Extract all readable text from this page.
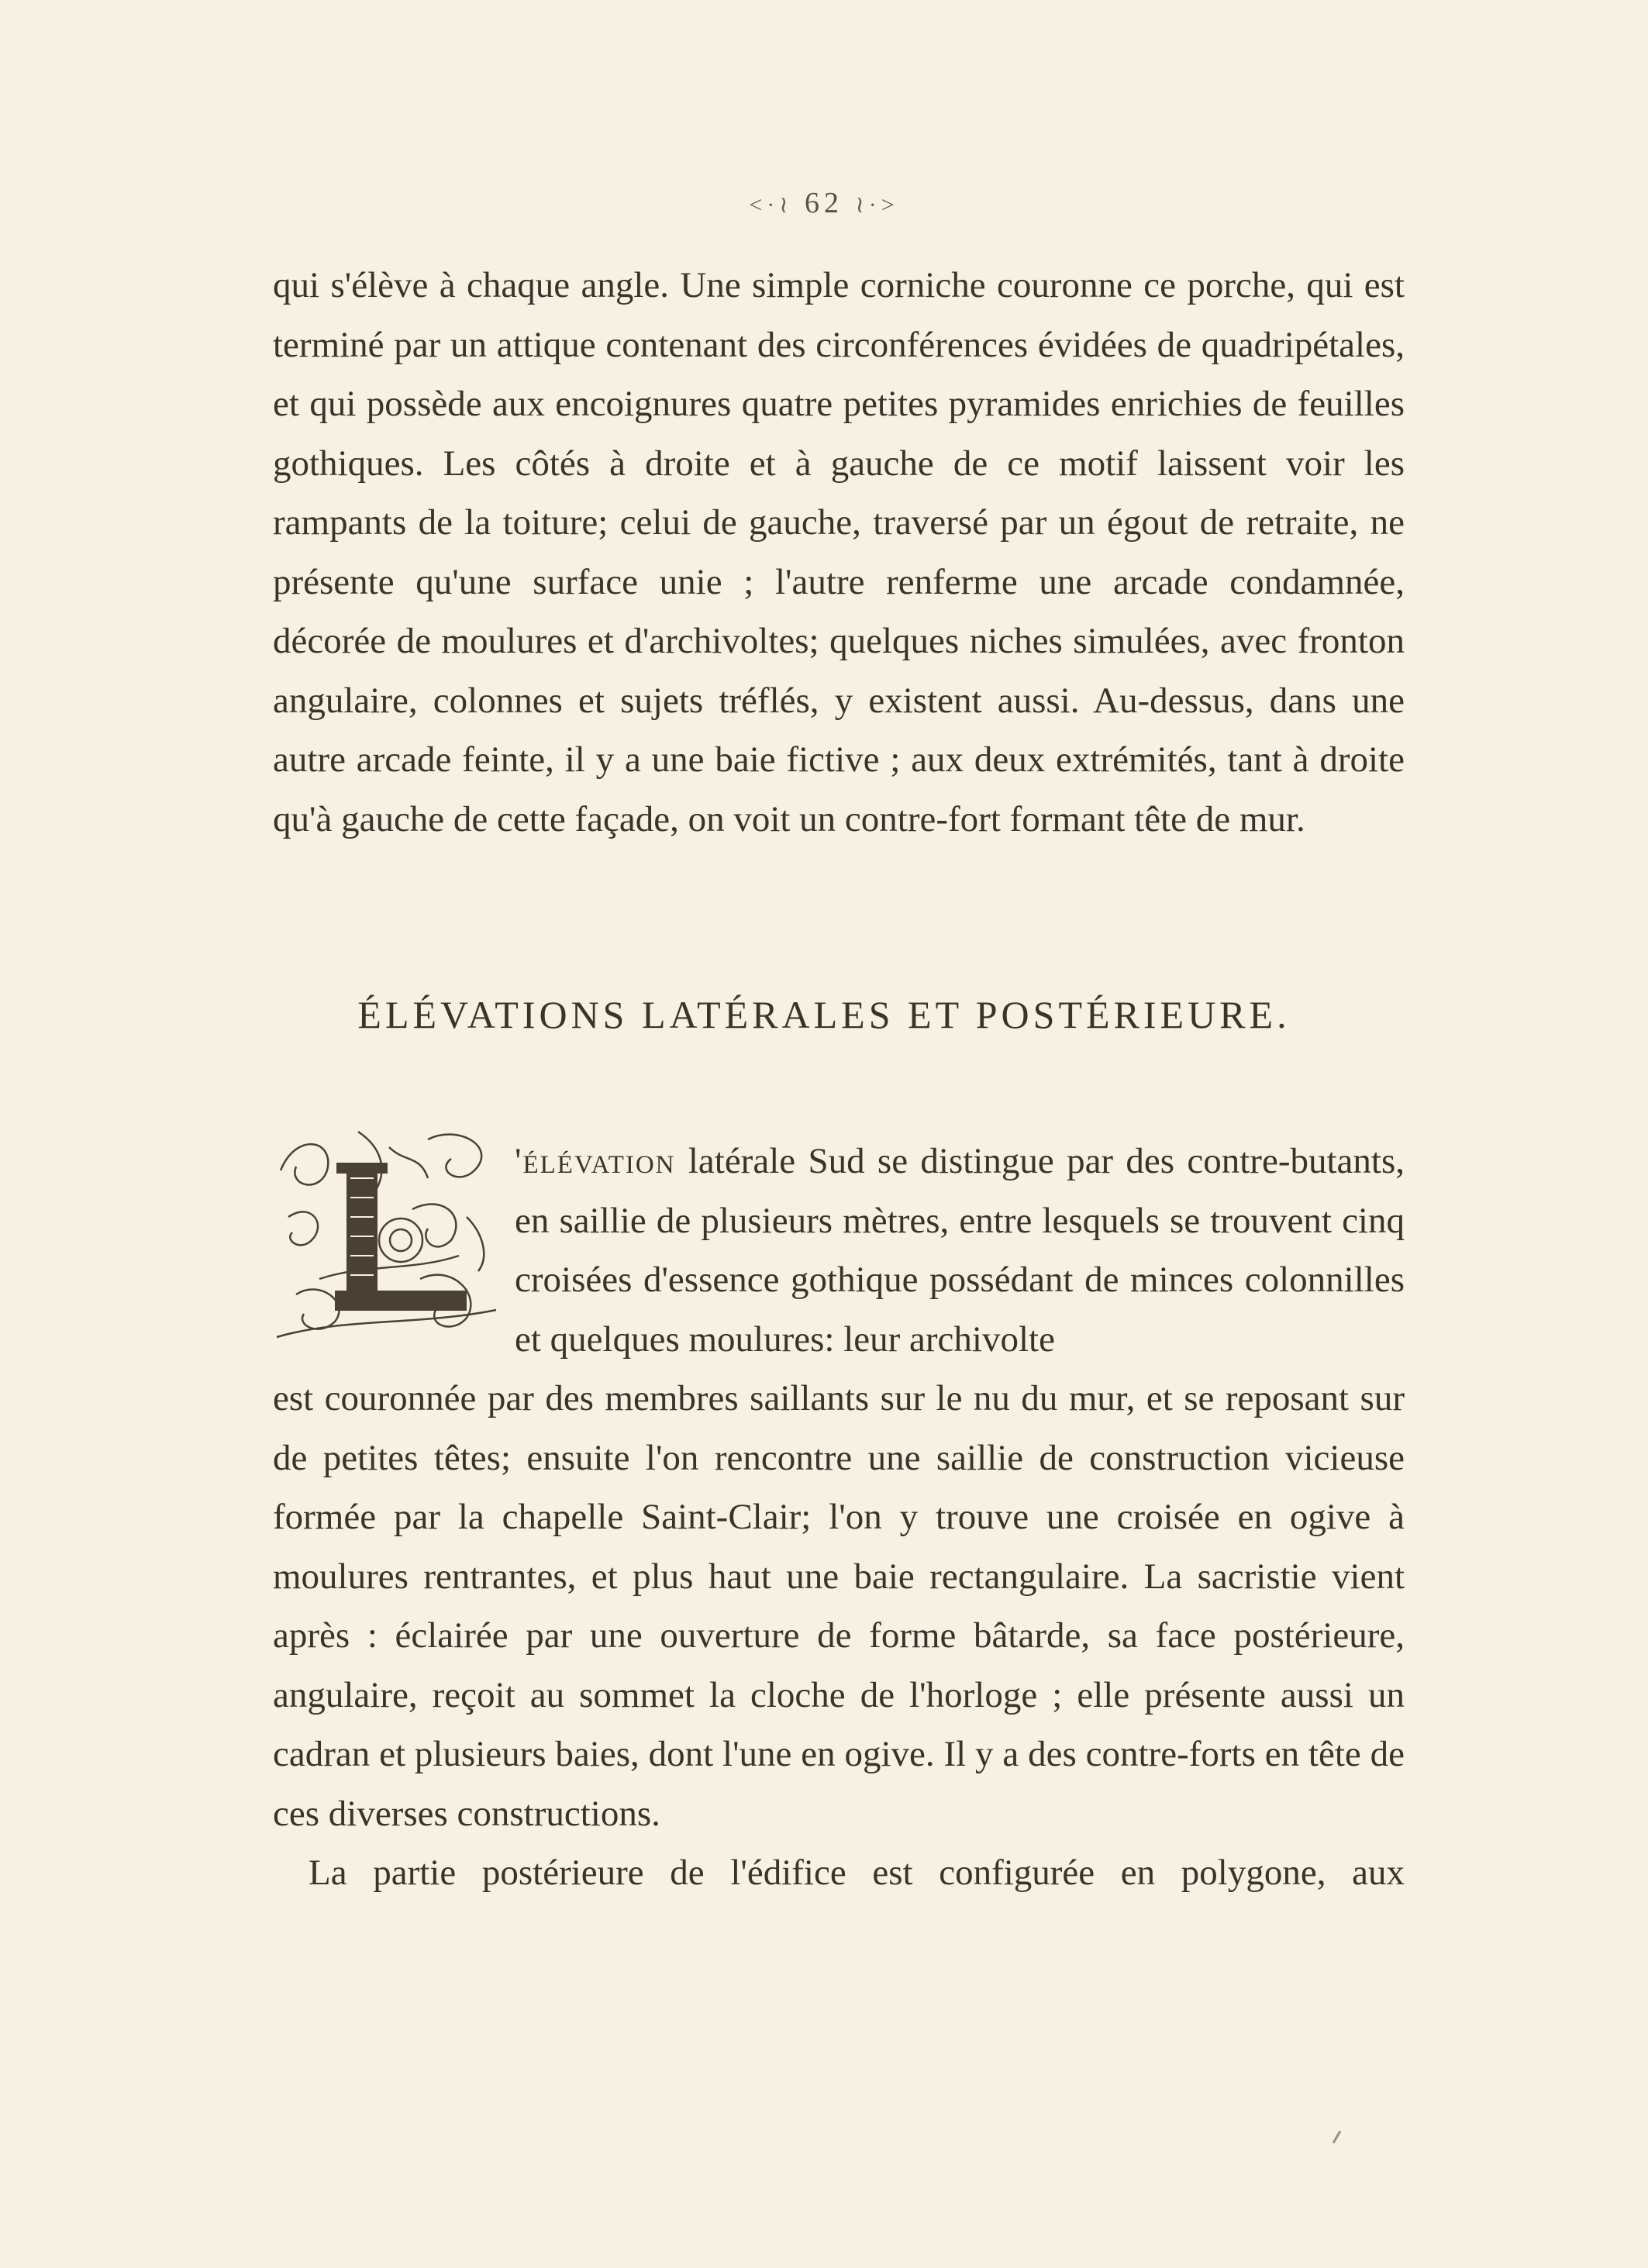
<·≀ 62 ≀·>

qui s'élève à chaque angle. Une simple corniche couronne ce porche, qui est terminé par un attique contenant des circonférences évidées de quadripétales, et qui possède aux encoignures quatre petites pyramides enrichies de feuilles gothiques. Les côtés à droite et à gauche de ce motif laissent voir les rampants de la toiture; celui de gauche, traversé par un égout de retraite, ne présente qu'une surface unie ; l'autre renferme une arcade condamnée, décorée de moulures et d'archivoltes; quelques niches simulées, avec fronton angulaire, colonnes et sujets tréflés, y existent aussi. Au-dessus, dans une autre arcade feinte, il y a une baie fictive ; aux deux extrémités, tant à droite qu'à gauche de cette façade, on voit un contre-fort formant tête de mur.

ÉLÉVATIONS LATÉRALES ET POSTÉRIEURE.

'élévation latérale Sud se distingue par des contre-butants, en saillie de plusieurs mètres, entre lesquels se trouvent cinq croisées d'essence gothique possédant de minces colonnilles et quelques moulures: leur archivolte

est couronnée par des membres saillants sur le nu du mur, et se reposant sur de petites têtes; ensuite l'on rencontre une saillie de construction vicieuse formée par la chapelle Saint-Clair; l'on y trouve une croisée en ogive à moulures rentrantes, et plus haut une baie rectangulaire. La sacristie vient après : éclairée par une ouverture de forme bâtarde, sa face postérieure, angulaire, reçoit au sommet la cloche de l'horloge ; elle présente aussi un cadran et plusieurs baies, dont l'une en ogive. Il y a des contre-forts en tête de ces diverses constructions.

La partie postérieure de l'édifice est configurée en polygone, aux
